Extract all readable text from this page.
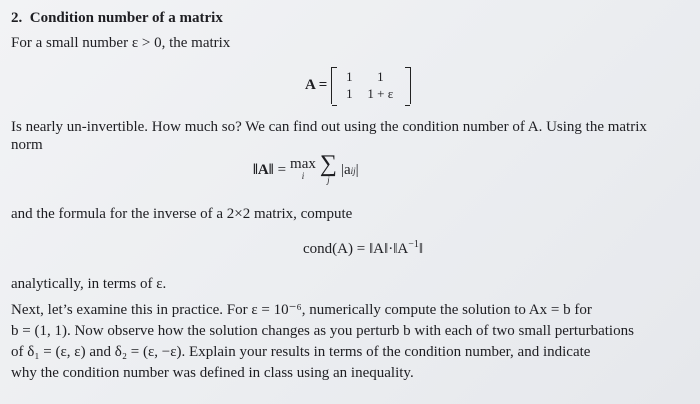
2. Condition number of a matrix
For a small number ε > 0, the matrix
A =
1	1
1	1 + ε
Is nearly un-invertible. How much so? We can find out using the condition number of A. Using the matrix
norm
‖A‖ = max
i ∑
j
|aij|
and the formula for the inverse of a 2×2 matrix, compute
cond(A) = $‖A‖\cdot‖A^{-1}‖$
analytically, in terms of ε.
Next, let’s examine this in practice. For ε = 10⁻⁶, numerically compute the solution to Ax = b for
b = (1, 1). Now observe how the solution changes as you perturb b with each of two small perturbations
of δ₁ = (ε, ε) and δ₂ = (ε, −ε). Explain your results in terms of the condition number, and indicate
why the condition number was defined in class using an inequality.
